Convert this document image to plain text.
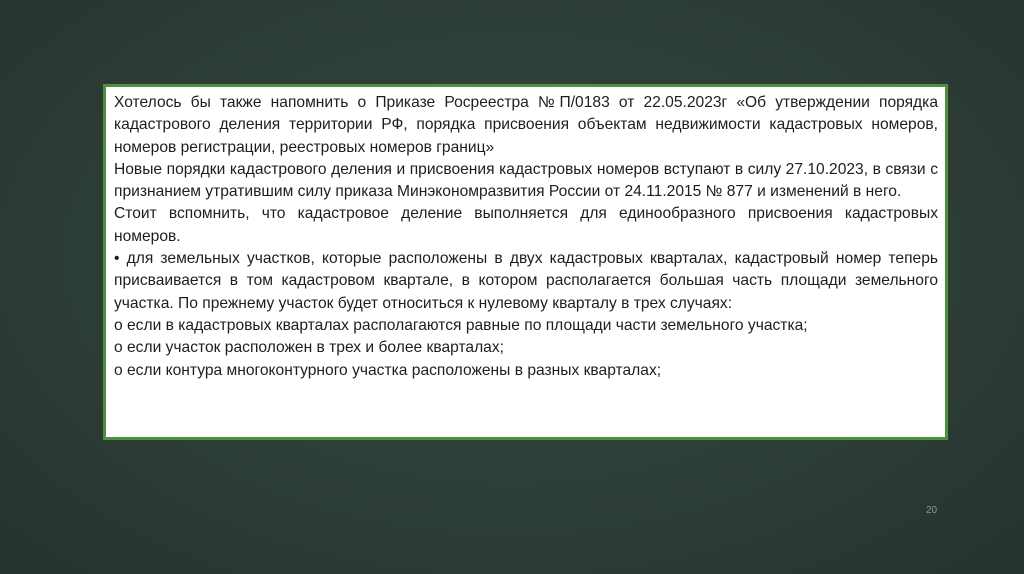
Хотелось бы также напомнить о Приказе Росреестра №П/0183 от 22.05.2023г «Об утверждении порядка кадастрового деления территории РФ, порядка присвоения объектам недвижимости кадастровых номеров, номеров регистрации, реестровых номеров границ»

Новые порядки кадастрового деления и присвоения кадастровых номеров вступают в силу 27.10.2023, в связи с признанием утратившим силу приказа Минэкономразвития России от 24.11.2015 № 877 и изменений в него.

Стоит вспомнить, что кадастровое деление выполняется для единообразного присвоения кадастровых номеров.

• для земельных участков, которые расположены в двух кадастровых кварталах, кадастровый номер теперь присваивается в том кадастровом квартале, в котором располагается большая часть площади земельного участка. По прежнему участок будет относиться к нулевому кварталу в трех случаях:

о если в кадастровых кварталах располагаются равные по площади части земельного участка;

о если участок расположен в трех и более кварталах;

о если контура многоконтурного участка расположены в разных кварталах;

20
